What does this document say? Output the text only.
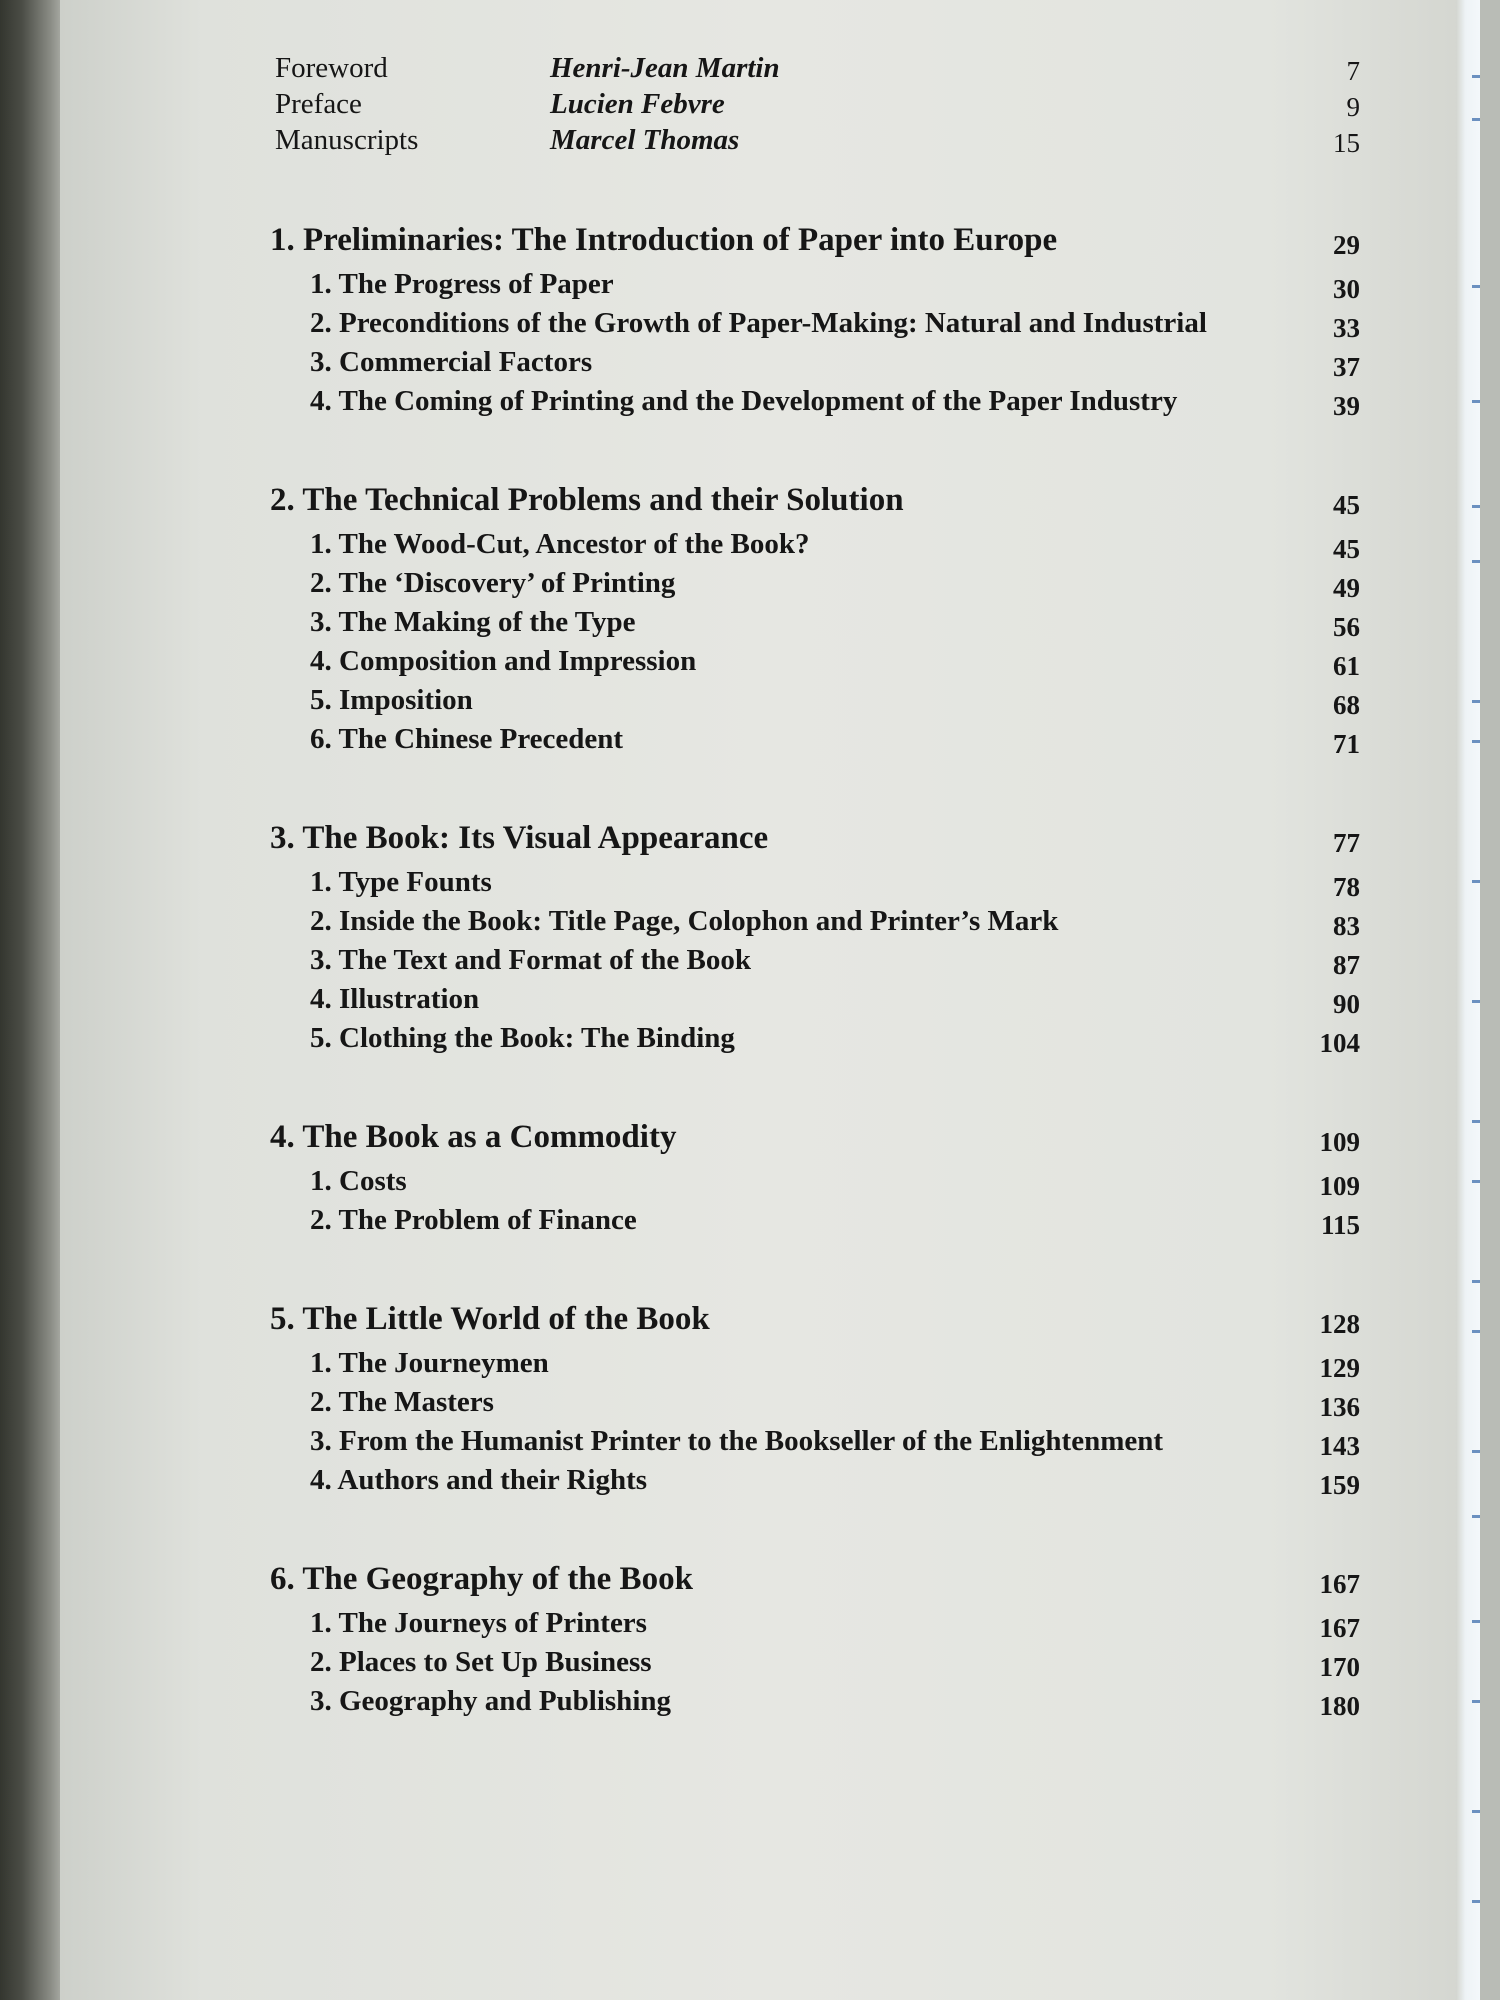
Foreword	Henri-Jean Martin	7
Preface	Lucien Febvre	9
Manuscripts	Marcel Thomas	15
1. Preliminaries: The Introduction of Paper into Europe	29
1. The Progress of Paper	30
2. Preconditions of the Growth of Paper-Making: Natural and Industrial	33
3. Commercial Factors	37
4. The Coming of Printing and the Development of the Paper Industry	39
2. The Technical Problems and their Solution	45
1. The Wood-Cut, Ancestor of the Book?	45
2. The ‘Discovery’ of Printing	49
3. The Making of the Type	56
4. Composition and Impression	61
5. Imposition	68
6. The Chinese Precedent	71
3. The Book: Its Visual Appearance	77
1. Type Founts	78
2. Inside the Book: Title Page, Colophon and Printer’s Mark	83
3. The Text and Format of the Book	87
4. Illustration	90
5. Clothing the Book: The Binding	104
4. The Book as a Commodity	109
1. Costs	109
2. The Problem of Finance	115
5. The Little World of the Book	128
1. The Journeymen	129
2. The Masters	136
3. From the Humanist Printer to the Bookseller of the Enlightenment	143
4. Authors and their Rights	159
6. The Geography of the Book	167
1. The Journeys of Printers	167
2. Places to Set Up Business	170
3. Geography and Publishing	180
